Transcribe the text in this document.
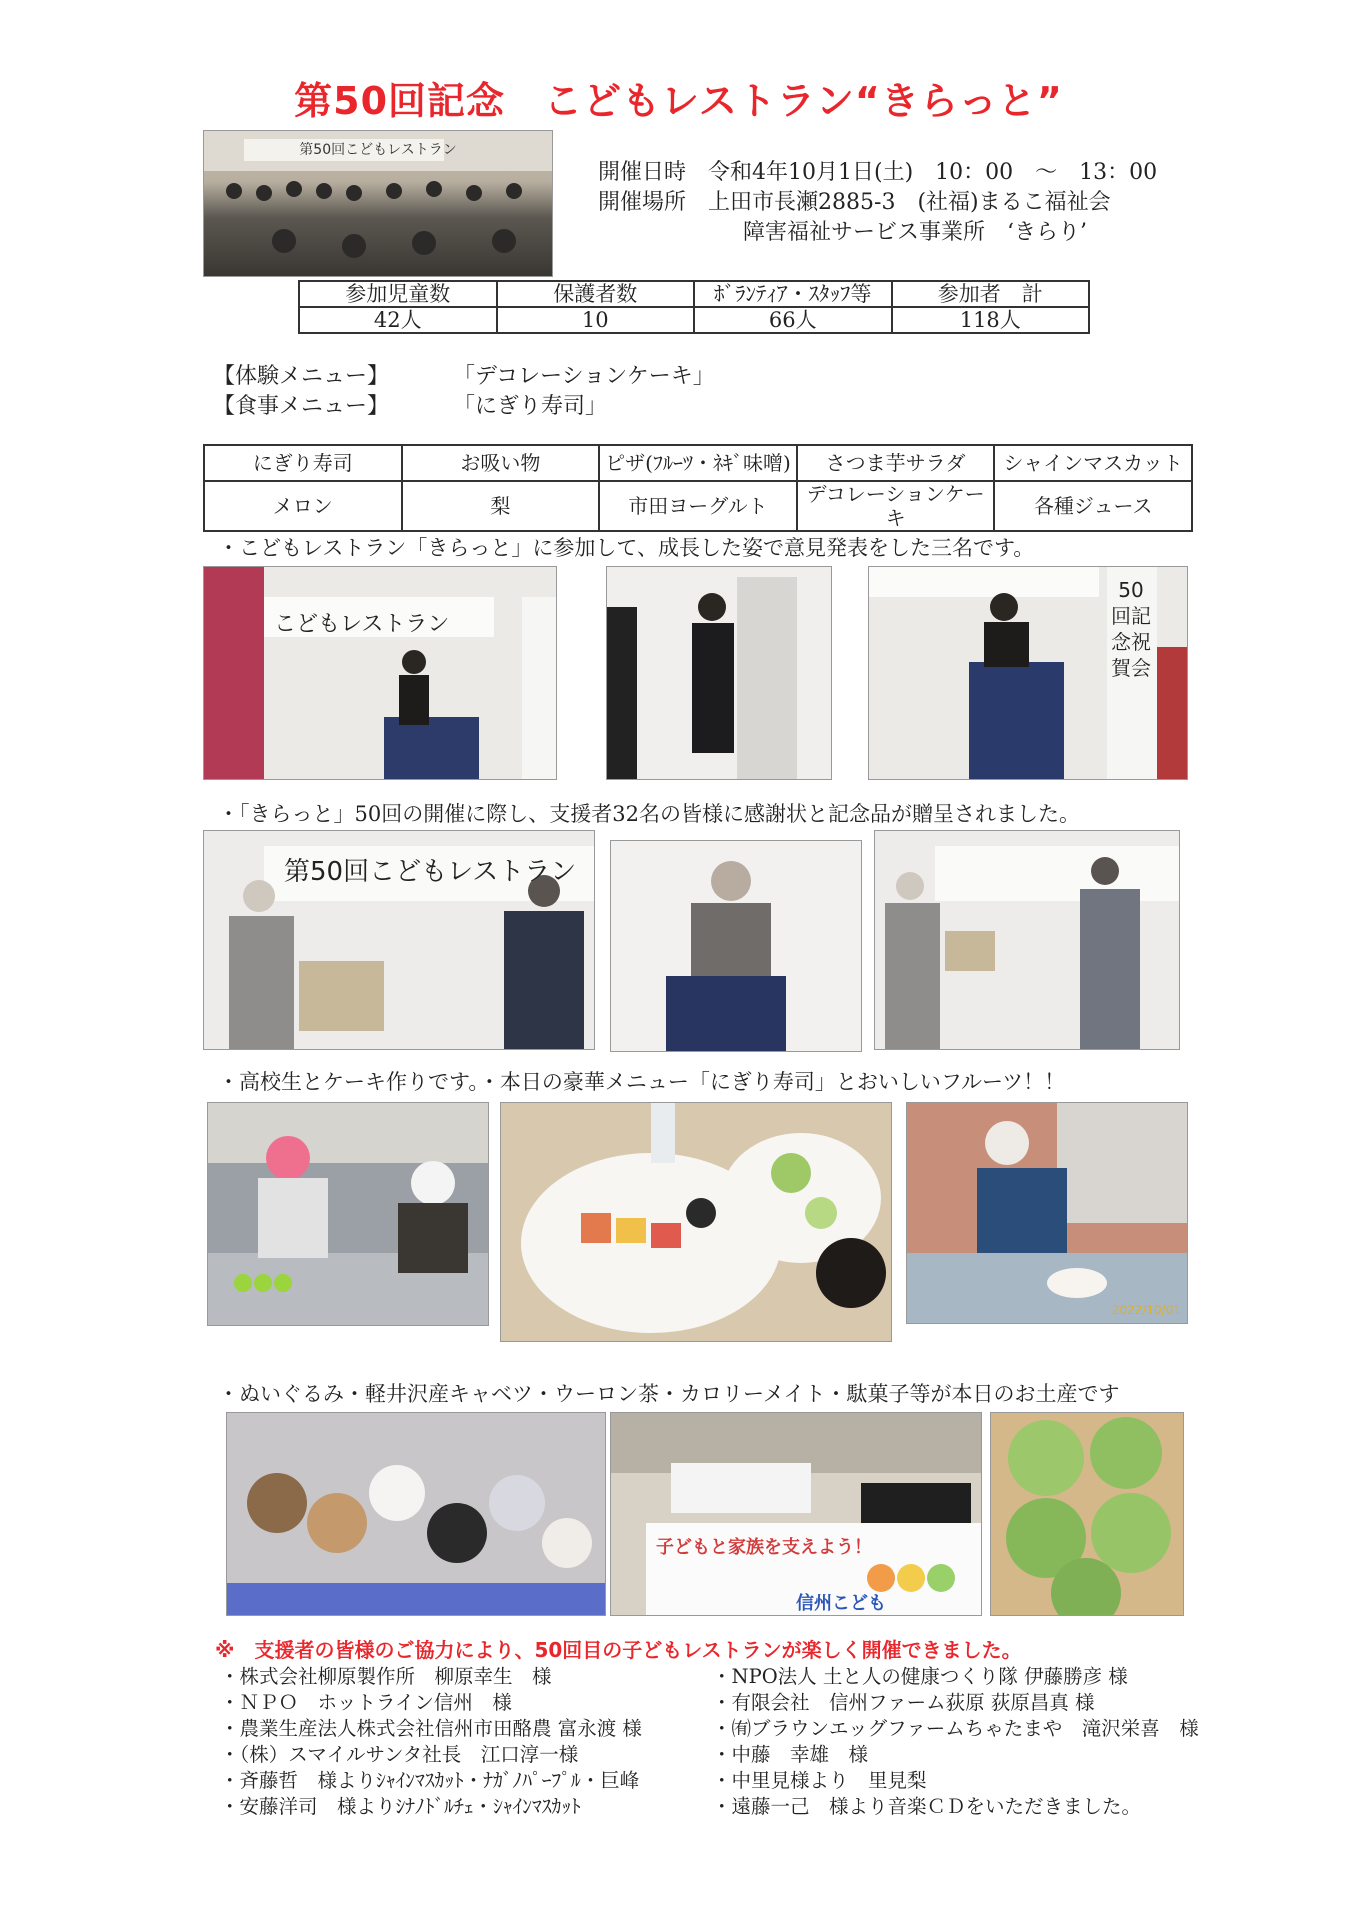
第50回記念　こどもレストラン“きらっと”
第50回こどもレストラン
開催日時　 令和4年10月1日(土)　10：00　～　13：00
開催場所　 上田市長瀬2885-3　(社福)まるこ福祉会
障害福祉サービス事業所　‘きらり’
参加児童数	保護者数	ﾎﾞﾗﾝﾃｨｱ・ｽﾀｯﾌ等	参加者　計
42人	10	66人	118人
【体験メニュー】	「デコレーションケーキ」
【食事メニュー】	「にぎり寿司」
にぎり寿司	お吸い物	ピザ(ﾌﾙｰﾂ・ﾈｷﾞ味噌)	さつま芋サラダ	シャインマスカット
メロン	梨	市田ヨーグルト	デコレーションケーキ	各種ジュース
・こどもレストラン「きらっと」に参加して、成長した姿で意見発表をした三名です。
こどもレストラン
50回記念祝賀会
・「きらっと」50回の開催に際し、支援者32名の皆様に感謝状と記念品が贈呈されました。
第50回こどもレストラン
・高校生とケーキ作りです。・本日の豪華メニュー「にぎり寿司」とおいしいフルーツ！！
2022/10/01
・ぬいぐるみ・軽井沢産キャベツ・ウーロン茶・カロリーメイト・駄菓子等が本日のお土産です
子どもと家族を支えよう！
信州こども
※　支援者の皆様のご協力により、50回目の子どもレストランが楽しく開催できました。
・ 株式会社柳原製作所　柳原幸生　様
・ ＮＰＯ　ホットライン信州　様
・ 農業生産法人株式会社信州市田酪農 富永渡 様
・ （株）スマイルサンタ社長　江口淳一様
・ 斉藤哲　様よりｼｬｲﾝﾏｽｶｯﾄ・ﾅｶﾞﾉﾊﾟｰﾌﾟﾙ・巨峰
・ 安藤洋司　様よりｼﾅﾉﾄﾞﾙﾁｪ・ｼｬｲﾝﾏｽｶｯﾄ
・ NPO法人 土と人の健康つくり隊 伊藤勝彦 様
・ 有限会社　信州ファーム荻原 荻原昌真 様
・ ㈲ブラウンエッグファームちゃたまや　滝沢栄喜　様
・ 中藤　幸雄　様
・ 中里見様より　里見梨
・ 遠藤一己　様より音楽ＣＤをいただきました。
